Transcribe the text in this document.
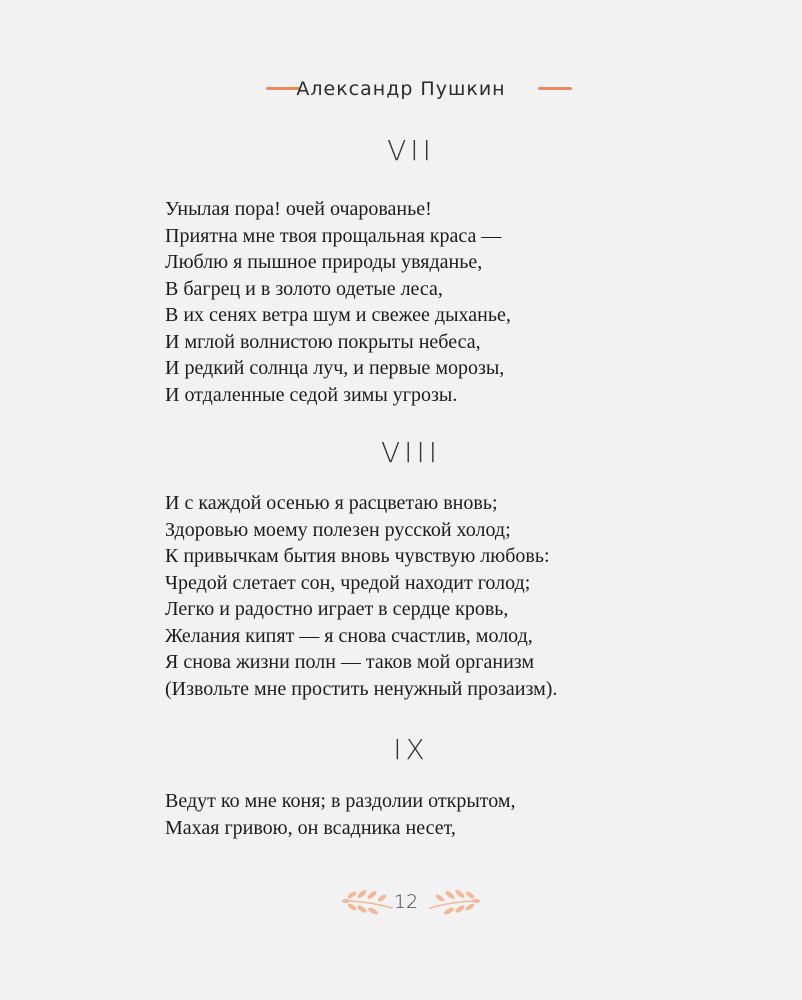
Александр Пушкин
VII
Унылая пора! очей очарованье!
Приятна мне твоя прощальная краса —
Люблю я пышное природы увяданье,
В багрец и в золото одетые леса,
В их сенях ветра шум и свежее дыханье,
И мглой волнистою покрыты небеса,
И редкий солнца луч, и первые морозы,
И отдаленные седой зимы угрозы.
VIII
И с каждой осенью я расцветаю вновь;
Здоровью моему полезен русской холод;
К привычкам бытия вновь чувствую любовь:
Чредой слетает сон, чредой находит голод;
Легко и радостно играет в сердце кровь,
Желания кипят — я снова счастлив, молод,
Я снова жизни полн — таков мой организм
(Извольте мне простить ненужный прозаизм).
IX
Ведут ко мне коня; в раздолии открытом,
Махая гривою, он всадника несет,
12
